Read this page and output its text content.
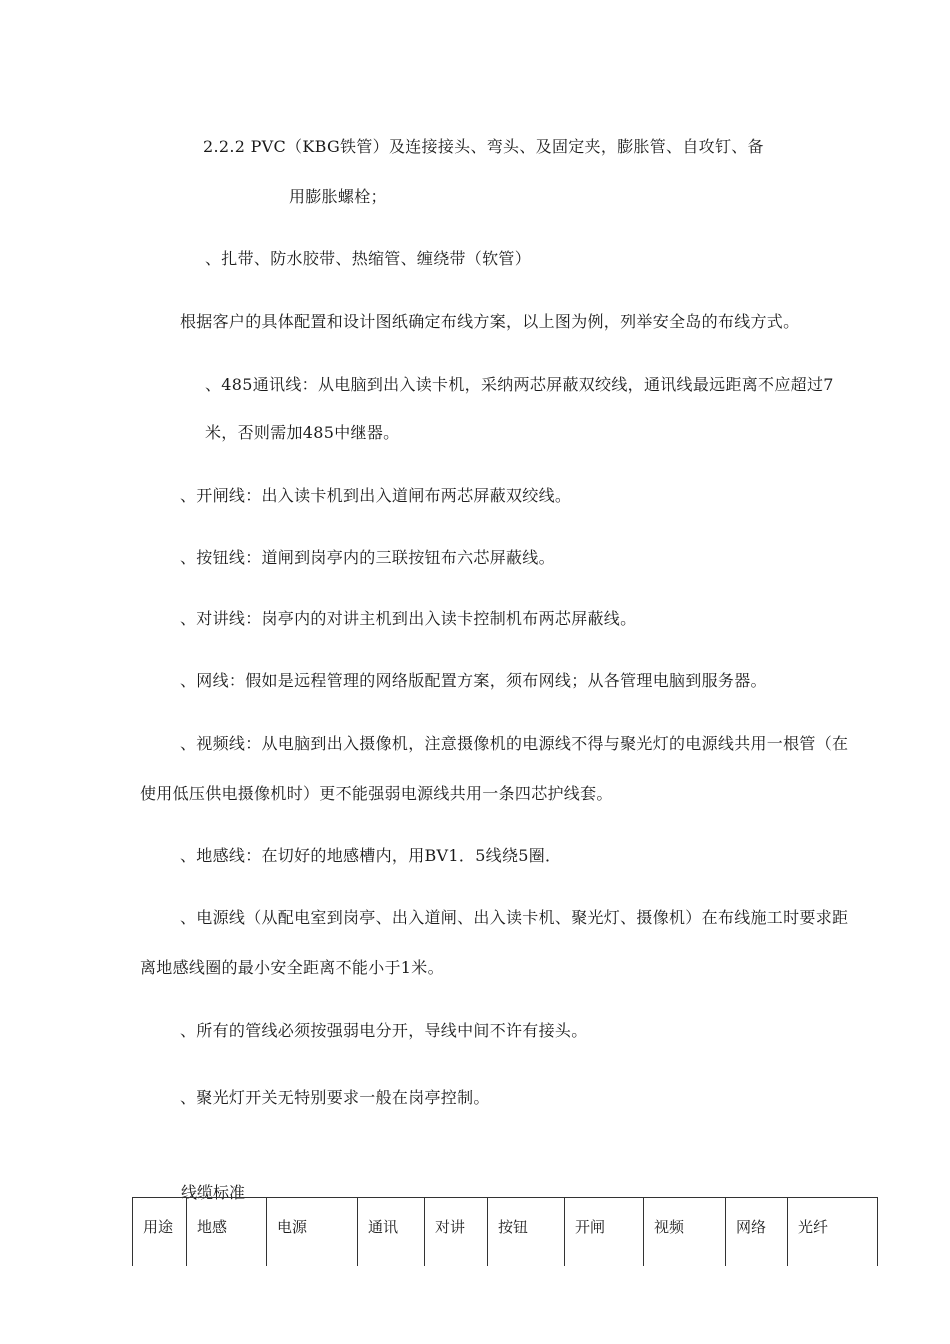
2.2.2 PVC（KBG铁管）及连接接头、弯头、及固定夹，膨胀管、自攻钉、备
用膨胀螺栓；
、扎带、防水胶带、热缩管、缠绕带（软管）
根据客户的具体配置和设计图纸确定布线方案，以上图为例，列举安全岛的布线方式。
、485通讯线：从电脑到出入读卡机，采纳两芯屏蔽双绞线，通讯线最远距离不应超过7
米，否则需加485中继器。
、开闸线：出入读卡机到出入道闸布两芯屏蔽双绞线。
、按钮线：道闸到岗亭内的三联按钮布六芯屏蔽线。
、对讲线：岗亭内的对讲主机到出入读卡控制机布两芯屏蔽线。
、网线：假如是远程管理的网络版配置方案，须布网线；从各管理电脑到服务器。
、视频线：从电脑到出入摄像机，注意摄像机的电源线不得与聚光灯的电源线共用一根管（在
使用低压供电摄像机时）更不能强弱电源线共用一条四芯护线套。
、地感线：在切好的地感槽内，用BV1．5线绕5圈．
、电源线（从配电室到岗亭、出入道闸、出入读卡机、聚光灯、摄像机）在布线施工时要求距
离地感线圈的最小安全距离不能小于1米。
、所有的管线必须按强弱电分开，导线中间不许有接头。
、聚光灯开关无特别要求一般在岗亭控制。
线缆标准
用途	地感	电源	通讯	对讲	按钮	开闸	视频	网络	光纤
